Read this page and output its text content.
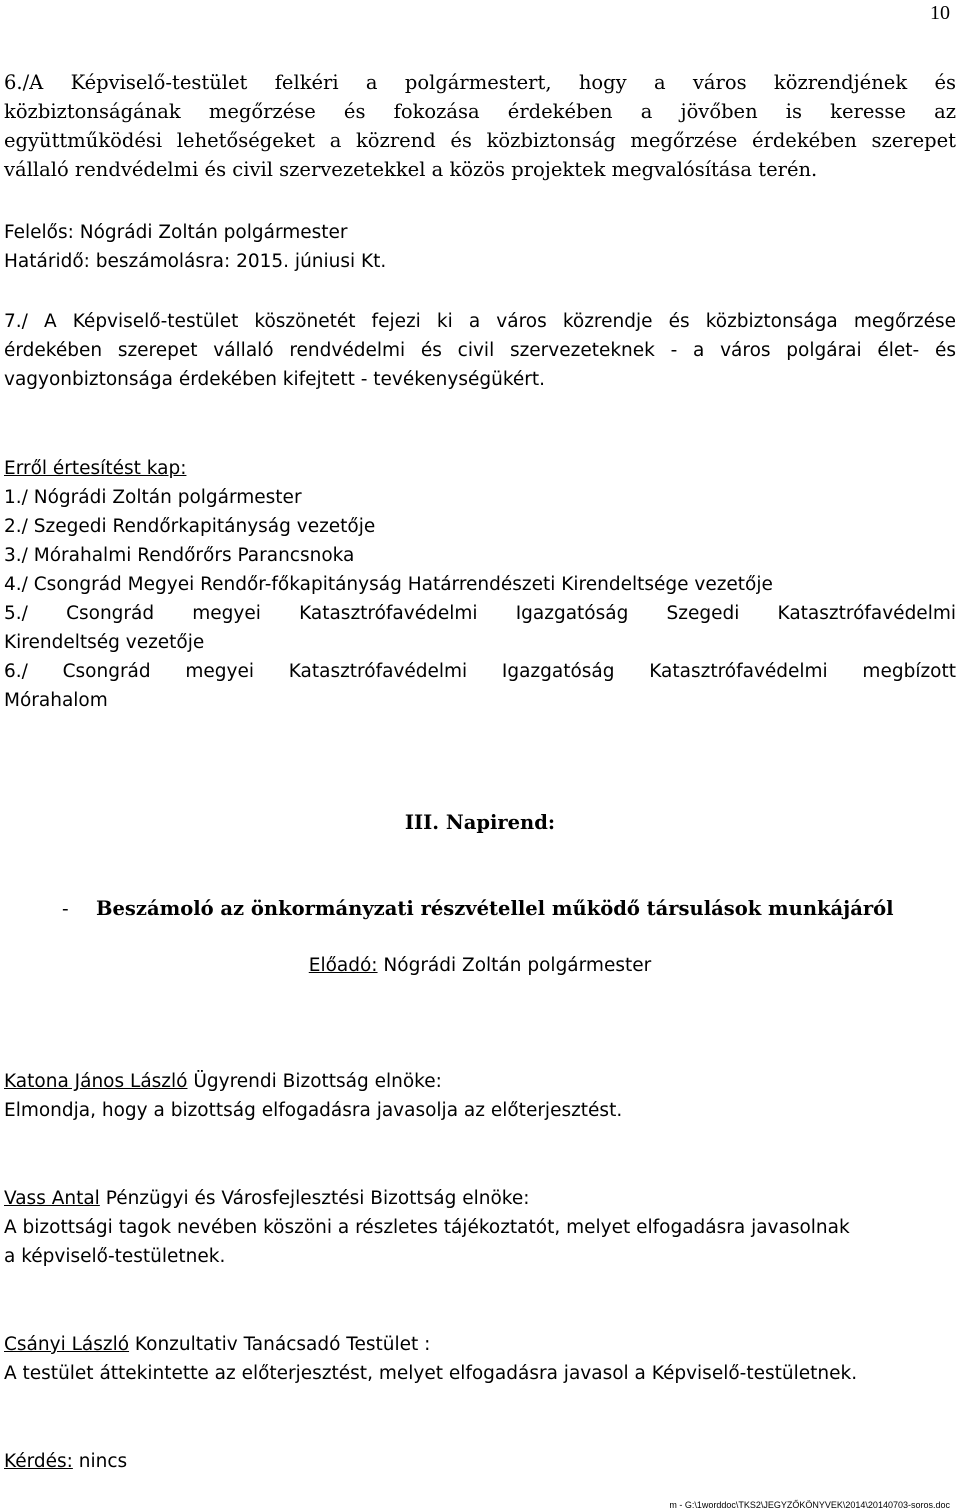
10
6./A Képviselő-testület felkéri a polgármestert, hogy a város közrendjének és
közbiztonságának megőrzése és fokozása érdekében a jövőben is keresse az
együttműködési lehetőségeket a közrend és közbiztonság megőrzése érdekében szerepet
vállaló rendvédelmi és civil szervezetekkel a közös projektek megvalósítása terén.
Felelős: Nógrádi Zoltán polgármester
Határidő: beszámolásra: 2015. júniusi Kt.
7./ A Képviselő-testület köszönetét fejezi ki a város közrendje és közbiztonsága megőrzése
érdekében szerepet vállaló rendvédelmi és civil szervezeteknek - a város polgárai élet- és
vagyonbiztonsága érdekében kifejtett - tevékenységükért.
Erről értesítést kap:
1./ Nógrádi Zoltán polgármester
2./ Szegedi Rendőrkapitányság vezetője
3./ Mórahalmi Rendőrőrs Parancsnoka
4./ Csongrád Megyei Rendőr-főkapitányság Határrendészeti Kirendeltsége vezetője
5./ Csongrád megyei Katasztrófavédelmi Igazgatóság Szegedi Katasztrófavédelmi
Kirendeltség vezetője
6./ Csongrád megyei Katasztrófavédelmi Igazgatóság Katasztrófavédelmi megbízott
Mórahalom
III. Napirend:
- Beszámoló az önkormányzati részvétellel működő társulások munkájáról
Előadó: Nógrádi Zoltán polgármester
Katona János László Ügyrendi Bizottság elnöke:
Elmondja, hogy a bizottság elfogadásra javasolja az előterjesztést.
Vass Antal Pénzügyi és Városfejlesztési Bizottság elnöke:
A bizottsági tagok nevében köszöni a részletes tájékoztatót, melyet elfogadásra javasolnak
a képviselő-testületnek.
Csányi László Konzultativ Tanácsadó Testület :
A testület áttekintette az előterjesztést, melyet elfogadásra javasol a Képviselő-testületnek.
Kérdés: nincs
m - G:\1worddoc\TKS2\JEGYZŐKÖNYVEK\2014\20140703-soros.doc
